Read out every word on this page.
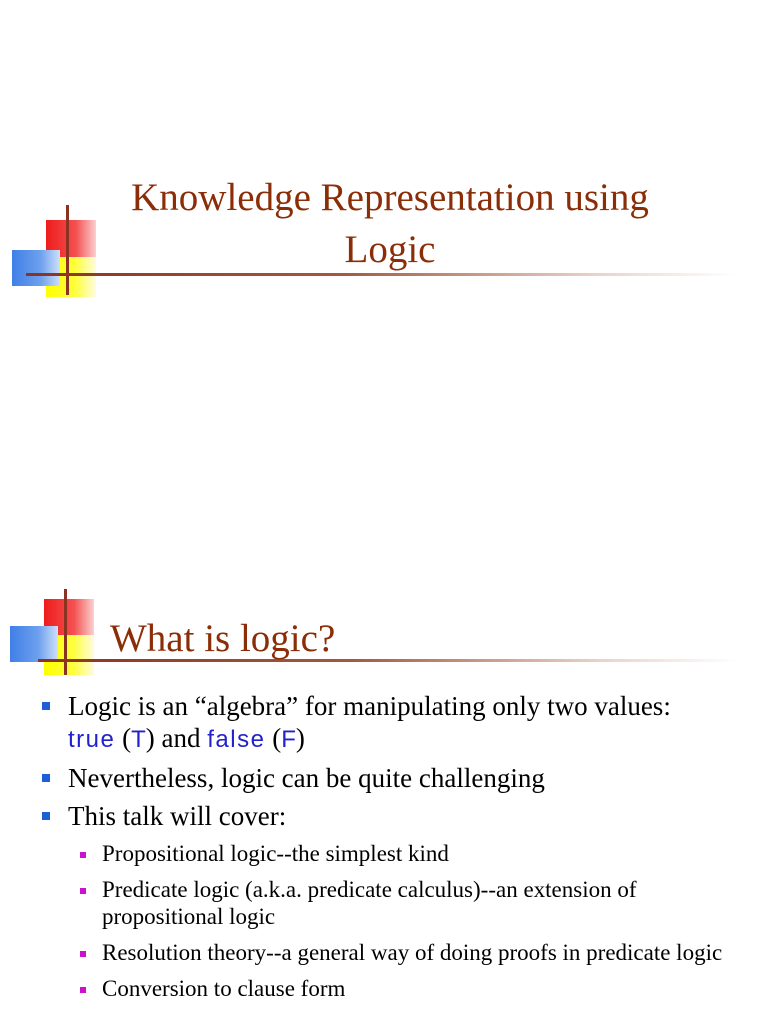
Knowledge Representation using
Logic
What is logic?
Logic is an “algebra” for manipulating only two values:
true (T) and false (F)
Nevertheless, logic can be quite challenging
This talk will cover:
Propositional logic--the simplest kind
Predicate logic (a.k.a. predicate calculus)--an extension of propositional logic
Resolution theory--a general way of doing proofs in predicate logic
Conversion to clause form
